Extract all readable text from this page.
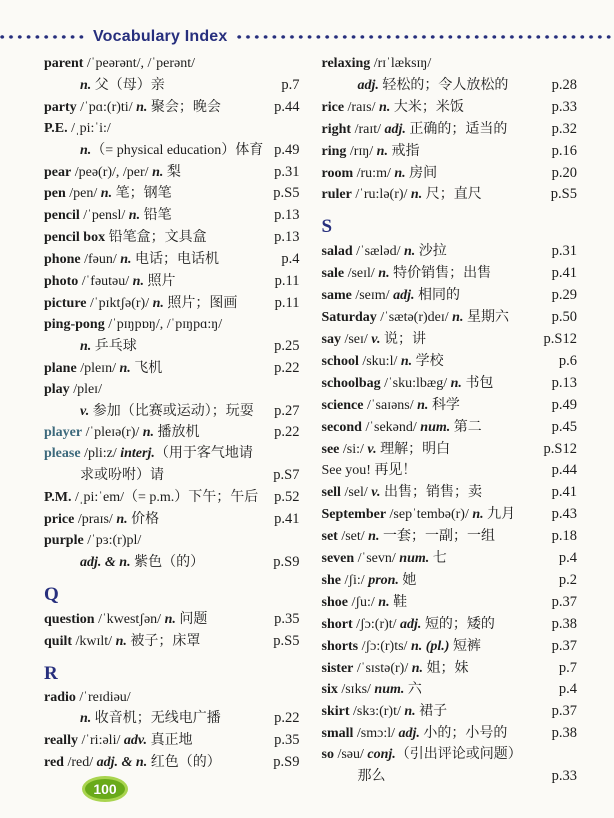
Vocabulary Index
parent /ˈpeərənt/, /ˈperənt/
n. 父（母）亲	p.7
party /ˈpɑ:(r)ti/ n. 聚会；晚会	p.44
P.E. /ˌpi:ˈi:/
n.（= physical education）体育 p.49
pear /peə(r)/, /per/ n. 梨	p.31
pen /pen/ n. 笔；钢笔	p.S5
pencil /ˈpensl/ n. 铅笔	p.13
pencil box 铅笔盒；文具盒	p.13
phone /fəun/ n. 电话；电话机	p.4
photo /ˈfəutəu/ n. 照片	p.11
picture /ˈpɪktʃə(r)/ n. 照片；图画	p.11
ping-pong /ˈpɪŋpɒŋ/, /ˈpɪŋpɑ:ŋ/
n. 乒乓球	p.25
plane /pleɪn/ n. 飞机	p.22
play /pleɪ/
v. 参加（比赛或运动）；玩耍	p.27
player /ˈpleɪə(r)/ n. 播放机	p.22
please /pli:z/ interj.（用于客气地请
求或吩咐）请	p.S7
P.M. /ˌpi:ˈem/（= p.m.）下午；午后	p.52
price /praɪs/ n. 价格	p.41
purple /ˈpɜ:(r)pl/
adj. & n. 紫色（的）	p.S9
Q
question /ˈkwestʃən/ n. 问题	p.35
quilt /kwɪlt/ n. 被子；床罩	p.S5
R
radio /ˈreɪdiəu/
n. 收音机；无线电广播	p.22
really /ˈri:əli/ adv. 真正地	p.35
red /red/ adj. & n. 红色（的）	p.S9
relaxing /rɪˈlæksɪŋ/
adj. 轻松的；令人放松的	p.28
rice /raɪs/ n. 大米；米饭	p.33
right /raɪt/ adj. 正确的；适当的	p.32
ring /rɪŋ/ n. 戒指	p.16
room /ru:m/ n. 房间	p.20
ruler /ˈru:lə(r)/ n. 尺；直尺	p.S5
S
salad /ˈsæləd/ n. 沙拉	p.31
sale /seɪl/ n. 特价销售；出售	p.41
same /seɪm/ adj. 相同的	p.29
Saturday /ˈsætə(r)deɪ/ n. 星期六	p.50
say /seɪ/ v. 说；讲	p.S12
school /sku:l/ n. 学校	p.6
schoolbag /ˈsku:lbæg/ n. 书包	p.13
science /ˈsaɪəns/ n. 科学	p.49
second /ˈsekənd/ num. 第二	p.45
see /si:/ v. 理解；明白	p.S12
See you! 再见！	p.44
sell /sel/ v. 出售；销售；卖	p.41
September /sepˈtembə(r)/ n. 九月	p.43
set /set/ n. 一套；一副；一组	p.18
seven /ˈsevn/ num. 七	p.4
she /ʃi:/ pron. 她	p.2
shoe /ʃu:/ n. 鞋	p.37
short /ʃɔ:(r)t/ adj. 短的；矮的	p.38
shorts /ʃɔ:(r)ts/ n. (pl.) 短裤	p.37
sister /ˈsɪstə(r)/ n. 姐；妹	p.7
six /sɪks/ num. 六	p.4
skirt /skɜ:(r)t/ n. 裙子	p.37
small /smɔ:l/ adj. 小的；小号的	p.38
so /səu/ conj.（引出评论或问题）
那么	p.33
100
